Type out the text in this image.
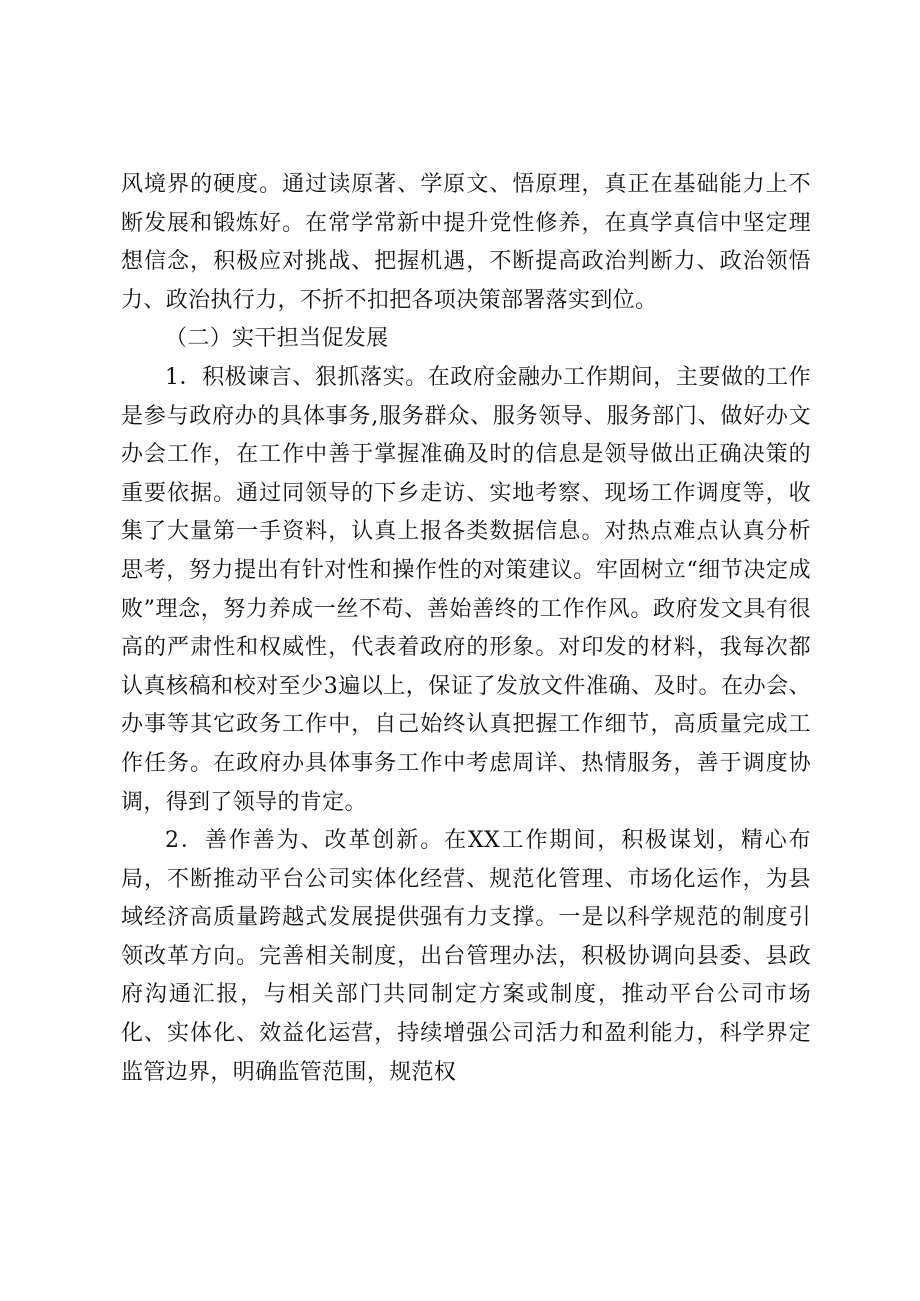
风境界的硬度。通过读原著、学原文、悟原理，真正在基础能力上不断发展和锻炼好。在常学常新中提升党性修养，在真学真信中坚定理想信念，积极应对挑战、把握机遇，不断提高政治判断力、政治领悟力、政治执行力，不折不扣把各项决策部署落实到位。

（二）实干担当促发展

1．积极谏言、狠抓落实。在政府金融办工作期间，主要做的工作是参与政府办的具体事务,服务群众、服务领导、服务部门、做好办文办会工作，在工作中善于掌握准确及时的信息是领导做出正确决策的重要依据。通过同领导的下乡走访、实地考察、现场工作调度等，收集了大量第一手资料，认真上报各类数据信息。对热点难点认真分析思考，努力提出有针对性和操作性的对策建议。牢固树立“细节决定成败”理念，努力养成一丝不苟、善始善终的工作作风。政府发文具有很高的严肃性和权威性，代表着政府的形象。对印发的材料，我每次都认真核稿和校对至少3遍以上，保证了发放文件准确、及时。在办会、办事等其它政务工作中，自己始终认真把握工作细节，高质量完成工作任务。在政府办具体事务工作中考虑周详、热情服务，善于调度协调，得到了领导的肯定。

2．善作善为、改革创新。在XX工作期间，积极谋划，精心布局，不断推动平台公司实体化经营、规范化管理、市场化运作，为县域经济高质量跨越式发展提供强有力支撑。一是以科学规范的制度引领改革方向。完善相关制度，出台管理办法，积极协调向县委、县政府沟通汇报，与相关部门共同制定方案或制度，推动平台公司市场化、实体化、效益化运营，持续增强公司活力和盈利能力，科学界定监管边界，明确监管范围，规范权
